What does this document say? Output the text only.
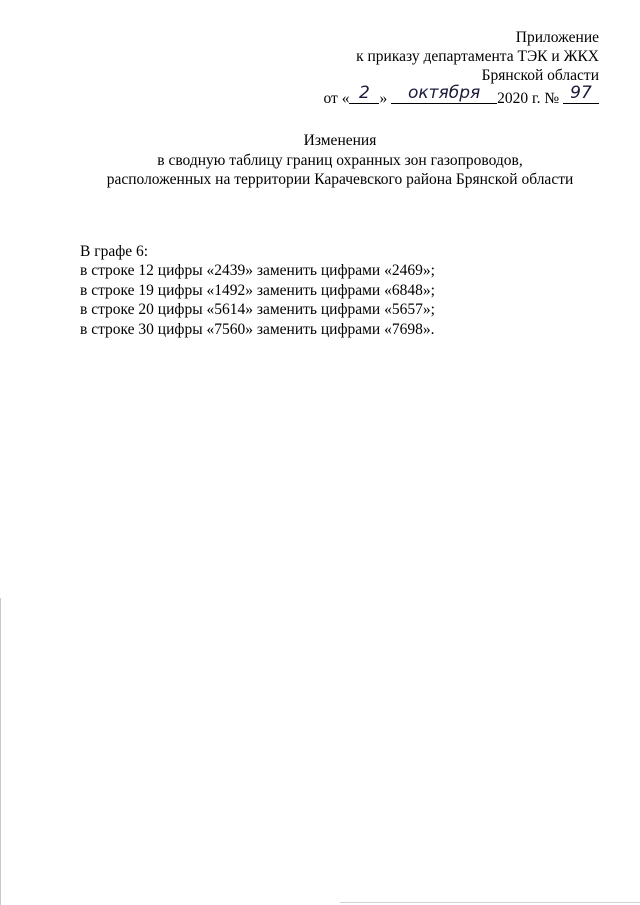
Приложение
к приказу департамента ТЭК и ЖКХ
Брянской области
от « 2 » октября 2020 г. № 97
Изменения
в сводную таблицу границ охранных зон газопроводов,
расположенных на территории Карачевского района Брянской области
В графе 6:
в строке 12 цифры «2439» заменить цифрами «2469»;
в строке 19 цифры «1492» заменить цифрами «6848»;
в строке 20 цифры «5614» заменить цифрами «5657»;
в строке 30 цифры «7560» заменить цифрами «7698».
